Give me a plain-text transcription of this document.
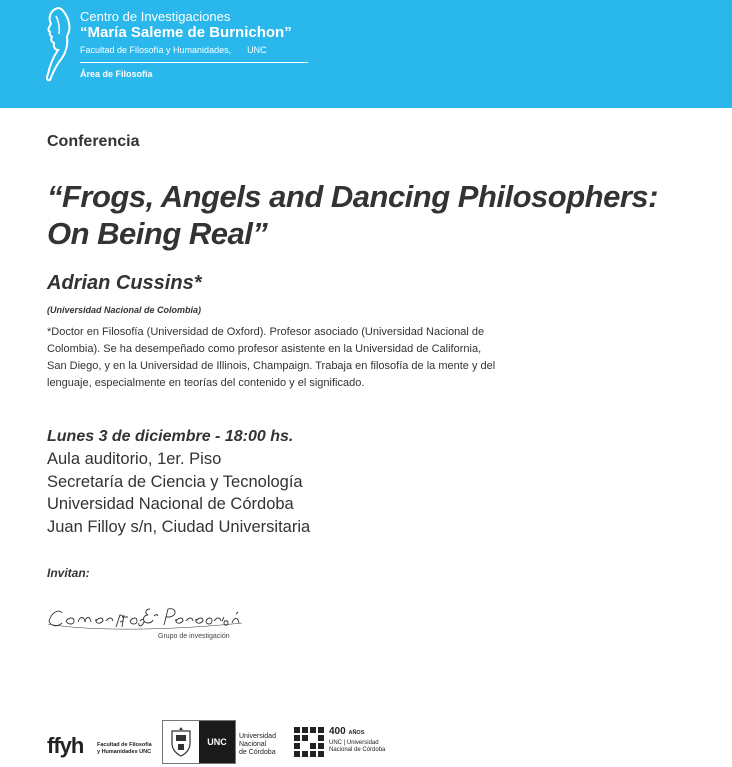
Centro de Investigaciones
“María Saleme de Burnichon”
Facultad de Filosofía y Humanidades, UNC
Área de Filosofía
Conferencia
“Frogs, Angels and Dancing Philosophers:
On Being Real”
Adrian Cussins*
(Universidad Nacional de Colombia)
*Doctor en Filosofía (Universidad de Oxford). Profesor asociado (Universidad Nacional de
Colombia). Se ha desempeñado como profesor asistente en la Universidad de California,
San Diego, y en la Universidad de Illinois, Champaign. Trabaja en filosofía de la mente y del
lenguaje, especialmente en teorías del contenido y el significado.
Lunes 3 de diciembre - 18:00 hs.
Aula auditorio, 1er. Piso
Secretaría de Ciencia y Tecnología
Universidad Nacional de Córdoba
Juan Filloy s/n, Ciudad Universitaria
Invitan:
Grupo de investigación
ffyh Facultad de Filosofía
y Humanidades UNC
UNC
Universidad
Nacional
de Córdoba
400 AÑOS
UNC | Universidad
Nacional de Córdoba
